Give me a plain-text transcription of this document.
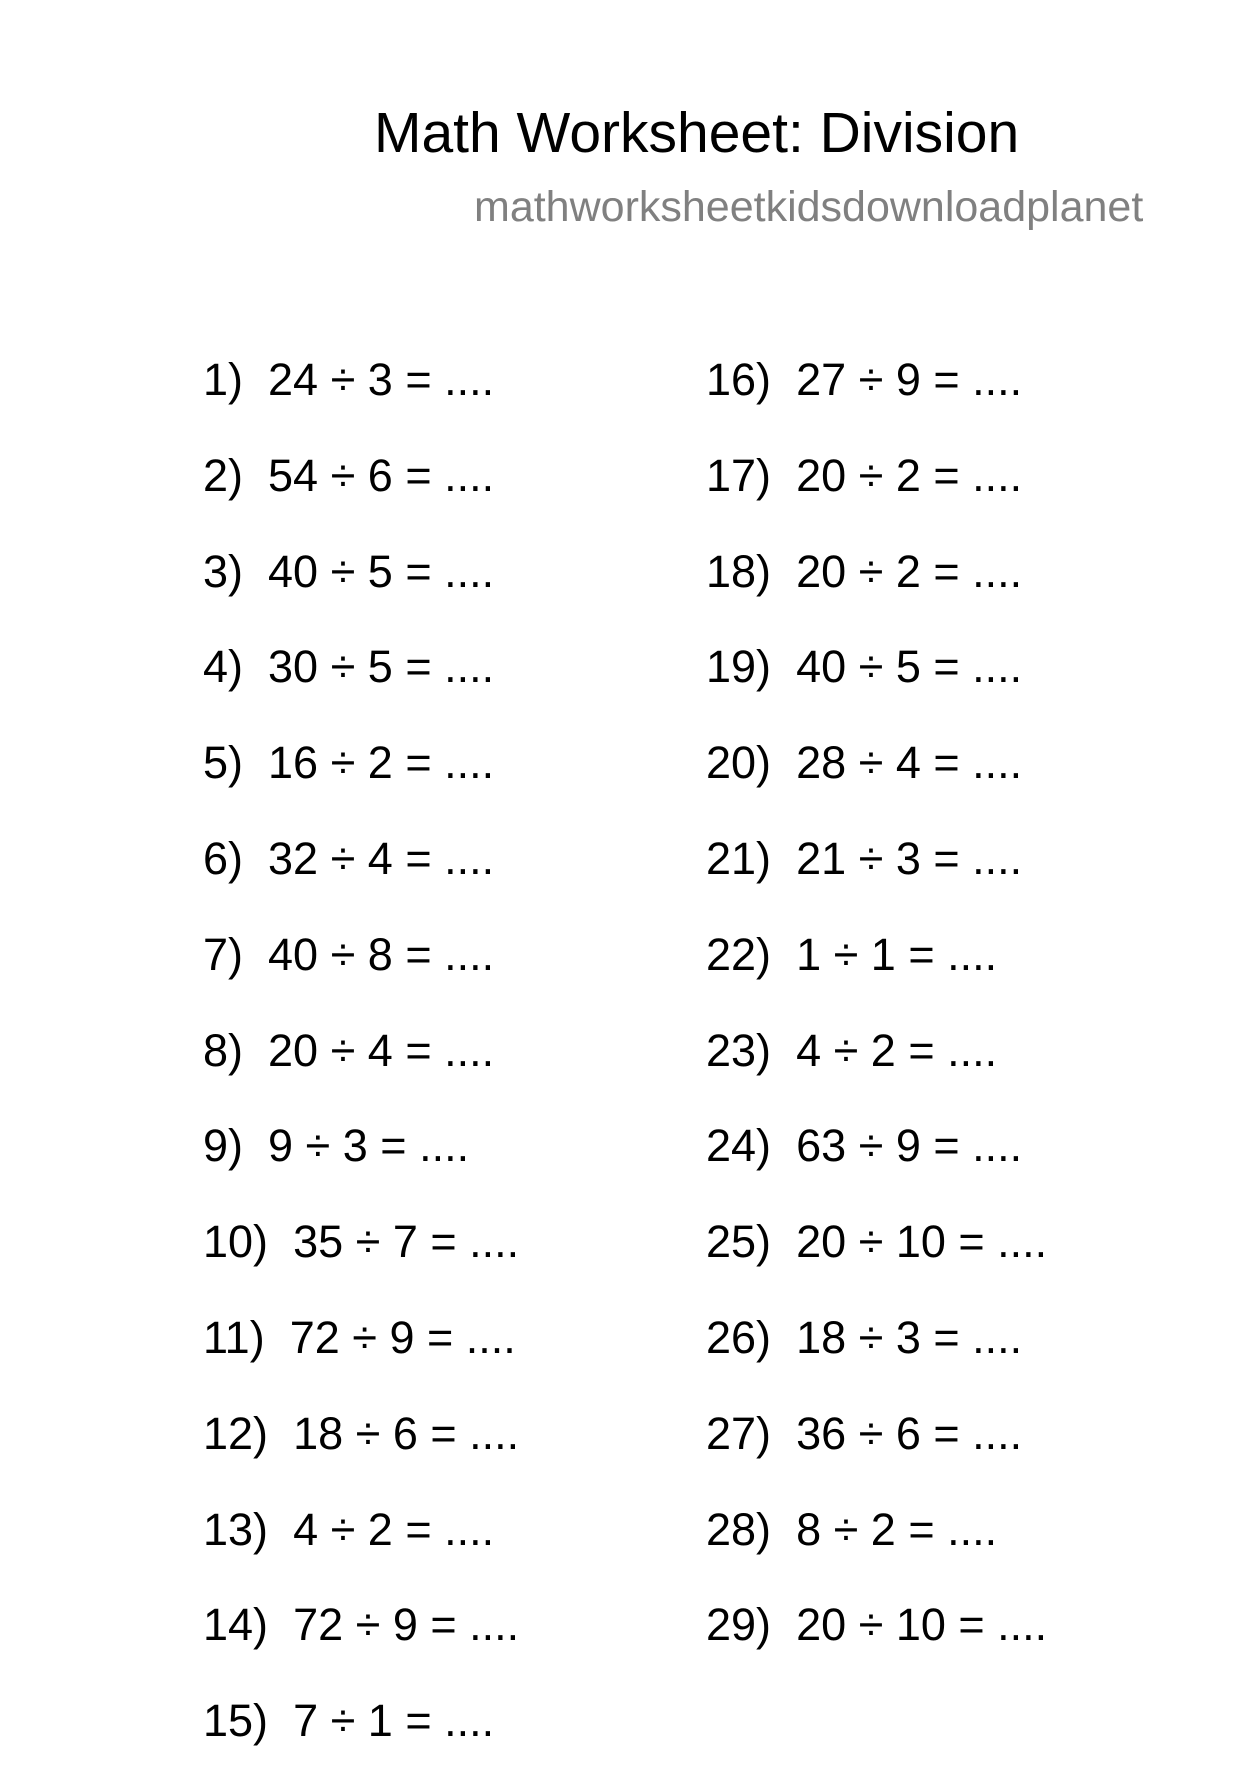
Math Worksheet: Division
mathworksheetkidsdownloadplanet
1) 24 ÷ 3 = ....
2) 54 ÷ 6 = ....
3) 40 ÷ 5 = ....
4) 30 ÷ 5 = ....
5) 16 ÷ 2 = ....
6) 32 ÷ 4 = ....
7) 40 ÷ 8 = ....
8) 20 ÷ 4 = ....
9) 9 ÷ 3 = ....
10) 35 ÷ 7 = ....
11) 72 ÷ 9 = ....
12) 18 ÷ 6 = ....
13) 4 ÷ 2 = ....
14) 72 ÷ 9 = ....
15) 7 ÷ 1 = ....
16) 27 ÷ 9 = ....
17) 20 ÷ 2 = ....
18) 20 ÷ 2 = ....
19) 40 ÷ 5 = ....
20) 28 ÷ 4 = ....
21) 21 ÷ 3 = ....
22) 1 ÷ 1 = ....
23) 4 ÷ 2 = ....
24) 63 ÷ 9 = ....
25) 20 ÷ 10 = ....
26) 18 ÷ 3 = ....
27) 36 ÷ 6 = ....
28) 8 ÷ 2 = ....
29) 20 ÷ 10 = ....
